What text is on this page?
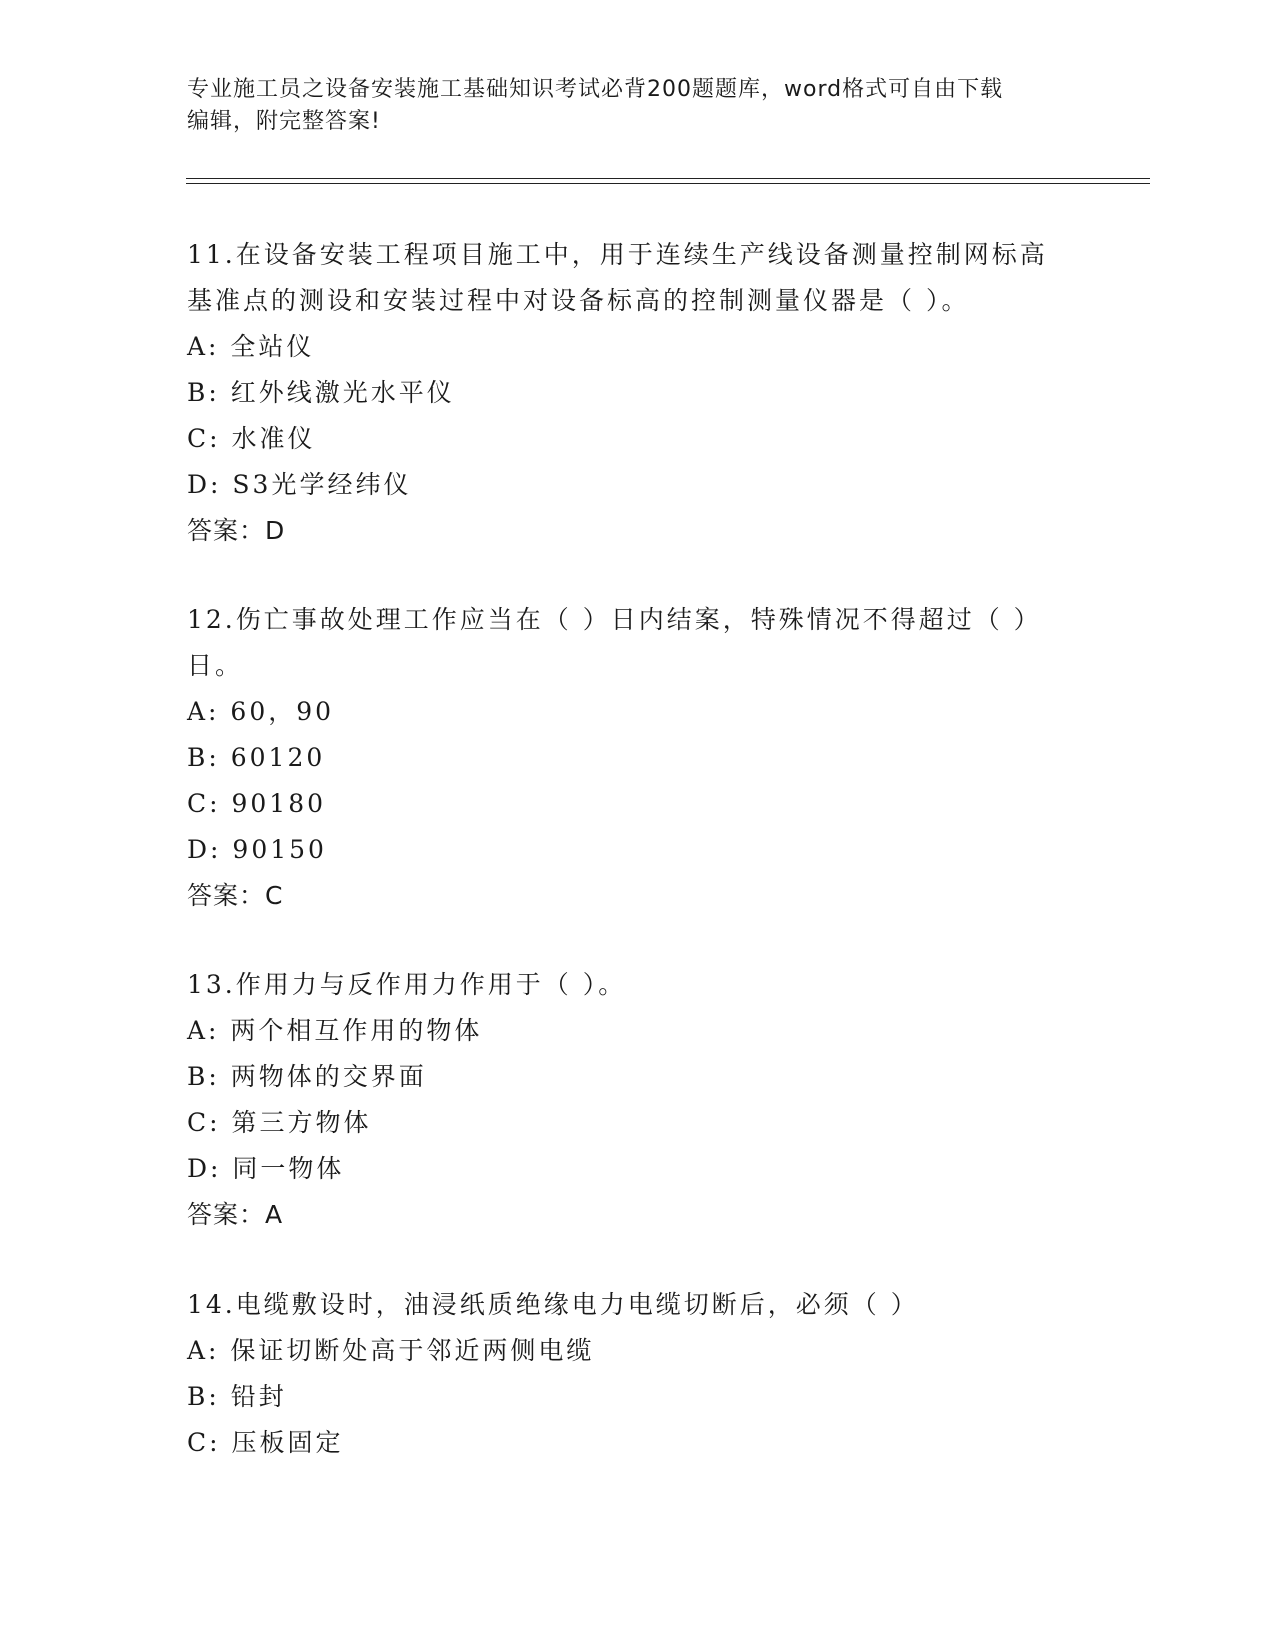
专业施工员之设备安装施工基础知识考试必背200题题库，word格式可自由下载
编辑，附完整答案!
11.在设备安装工程项目施工中，用于连续生产线设备测量控制网标高
基准点的测设和安装过程中对设备标高的控制测量仪器是（ ）。
A: 全站仪
B: 红外线激光水平仪
C: 水准仪
D: S3光学经纬仪
答案：D
12.伤亡事故处理工作应当在（ ）日内结案，特殊情况不得超过（ ）
日。
A: 60，90
B: 60120
C: 90180
D: 90150
答案：C
13.作用力与反作用力作用于（ ）。
A: 两个相互作用的物体
B: 两物体的交界面
C: 第三方物体
D: 同一物体
答案：A
14.电缆敷设时，油浸纸质绝缘电力电缆切断后，必须（ ）
A: 保证切断处高于邻近两侧电缆
B: 铅封
C: 压板固定
